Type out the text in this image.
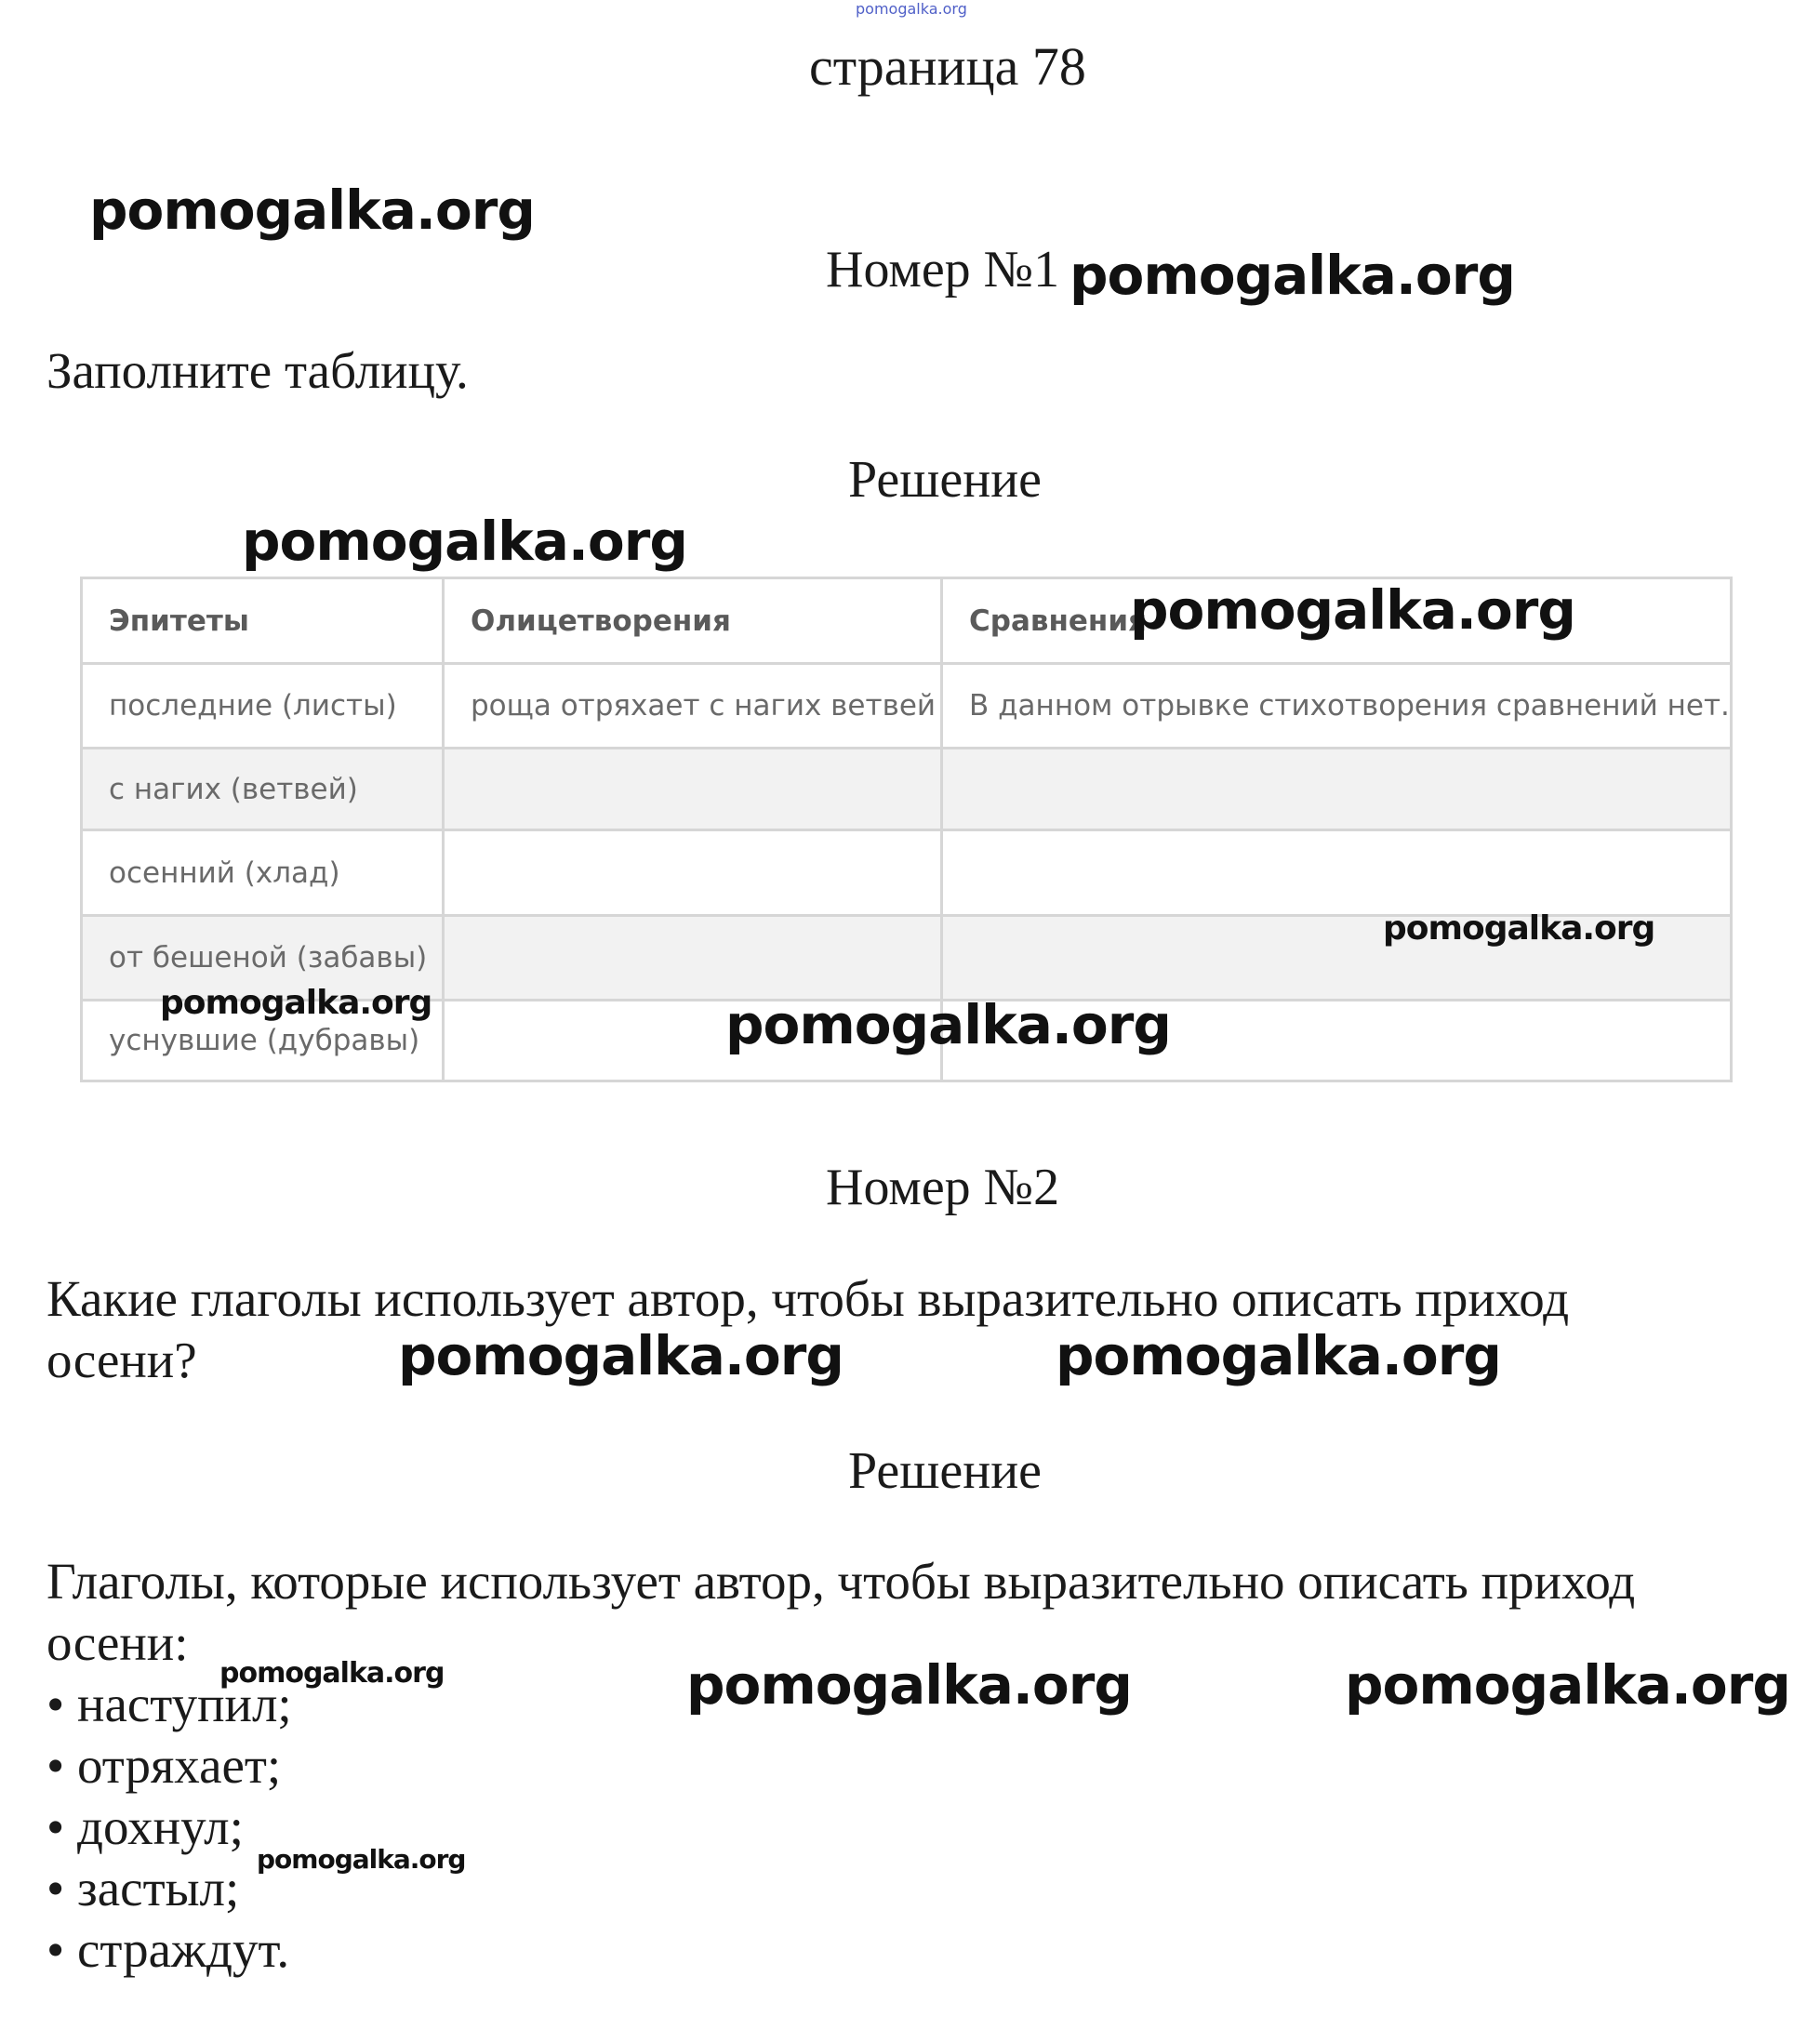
pomogalka.org
страница 78
pomogalka.org
Номер №1 pomogalka.org
Заполните таблицу.
Решение
pomogalka.org
Эпитеты	Олицетворения	Сравнения
последние (листы)	роща отряхает с нагих ветвей	В данном отрывке стихотворения сравнений нет.
с нагих (ветвей)		
осенний (хлад)		
от бешеной (забавы)		
уснувшие (дубравы)		
pomogalka.org
pomogalka.org
pomogalka.org	pomogalka.org
Номер №2
Какие глаголы использует автор, чтобы выразительно описать приход
осени?	pomogalka.org	pomogalka.org
Решение
Глаголы, которые использует автор, чтобы выразительно описать приход
осени:
• наступил;
• отряхает;
• дохнул;
• застыл;
• страждут.
pomogalka.org	pomogalka.org	pomogalka.org
pomogalka.org
